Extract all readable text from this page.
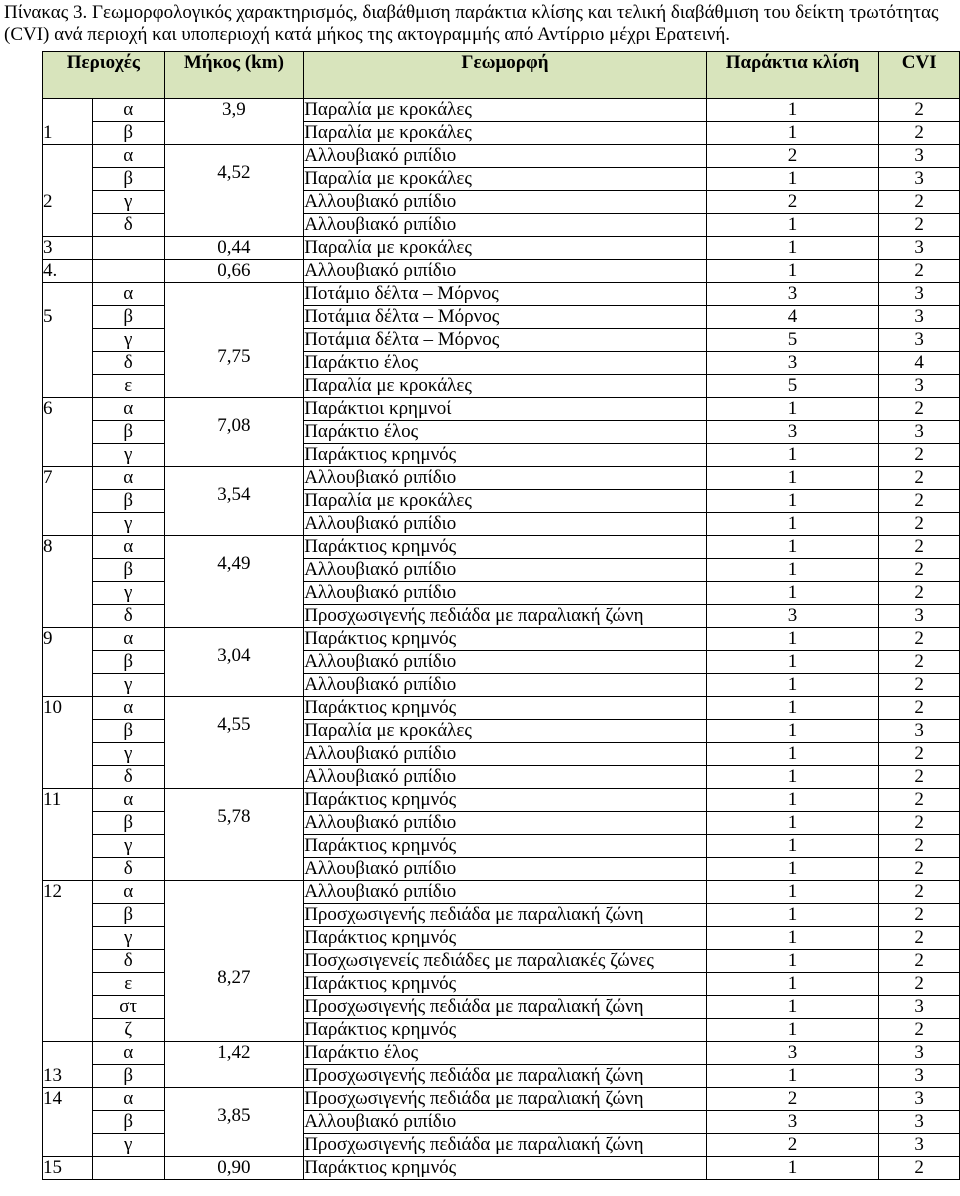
Πίνακας 3. Γεωμορφολογικός χαρακτηρισμός, διαβάθμιση παράκτια κλίσης και τελική διαβάθμιση του δείκτη τρωτότητας (CVI) ανά περιοχή και υποπεριοχή κατά μήκος της ακτογραμμής από Αντίρριο μέχρι Ερατεινή.
Περιοχές		Μήκος (km)	Γεωμορφή	Παράκτια κλίση	CVI
1	α	3,9	Παραλία με κροκάλες	1	2
	β		Παραλία με κροκάλες	1	2
2	α	4,52	Αλλουβιακό ριπίδιο	2	3
	β		Παραλία με κροκάλες	1	3
	γ		Αλλουβιακό ριπίδιο	2	2
	δ		Αλλουβιακό ριπίδιο	1	2
3		0,44	Παραλία με κροκάλες	1	3
4.		0,66	Αλλουβιακό ριπίδιο	1	2
5	α	7,75	Ποτάμιο δέλτα – Μόρνος	3	3
	β		Ποτάμια δέλτα – Μόρνος	4	3
	γ		Ποτάμια δέλτα – Μόρνος	5	3
	δ		Παράκτιο έλος	3	4
	ε		Παραλία με κροκάλες	5	3
6	α	7,08	Παράκτιοι κρημνοί	1	2
	β		Παράκτιο έλος	3	3
	γ		Παράκτιος κρημνός	1	2
7	α	3,54	Αλλουβιακό ριπίδιο	1	2
	β		Παραλία με κροκάλες	1	2
	γ		Αλλουβιακό ριπίδιο	1	2
8	α	4,49	Παράκτιος κρημνός	1	2
	β		Αλλουβιακό ριπίδιο	1	2
	γ		Αλλουβιακό ριπίδιο	1	2
	δ		Προσχωσιγενής πεδιάδα με παραλιακή ζώνη	3	3
9	α	3,04	Παράκτιος κρημνός	1	2
	β		Αλλουβιακό ριπίδιο	1	2
	γ		Αλλουβιακό ριπίδιο	1	2
10	α	4,55	Παράκτιος κρημνός	1	2
	β		Παραλία με κροκάλες	1	3
	γ		Αλλουβιακό ριπίδιο	1	2
	δ		Αλλουβιακό ριπίδιο	1	2
11	α	5,78	Παράκτιος κρημνός	1	2
	β		Αλλουβιακό ριπίδιο	1	2
	γ		Παράκτιος κρημνός	1	2
	δ		Αλλουβιακό ριπίδιο	1	2
12	α	8,27	Αλλουβιακό ριπίδιο	1	2
	β		Προσχωσιγενής πεδιάδα με παραλιακή ζώνη	1	2
	γ		Παράκτιος κρημνός	1	2
	δ		Ποσχωσιγενείς πεδιάδες με παραλιακές ζώνες	1	2
	ε		Παράκτιος κρημνός	1	2
	στ		Προσχωσιγενής πεδιάδα με παραλιακή ζώνη	1	3
	ζ		Παράκτιος κρημνός	1	2
13	α	1,42	Παράκτιο έλος	3	3
	β		Προσχωσιγενής πεδιάδα με παραλιακή ζώνη	1	3
14	α	3,85	Προσχωσιγενής πεδιάδα με παραλιακή ζώνη	2	3
	β		Αλλουβιακό ριπίδιο	3	3
	γ		Προσχωσιγενής πεδιάδα με παραλιακή ζώνη	2	3
15		0,90	Παράκτιος κρημνός	1	2
